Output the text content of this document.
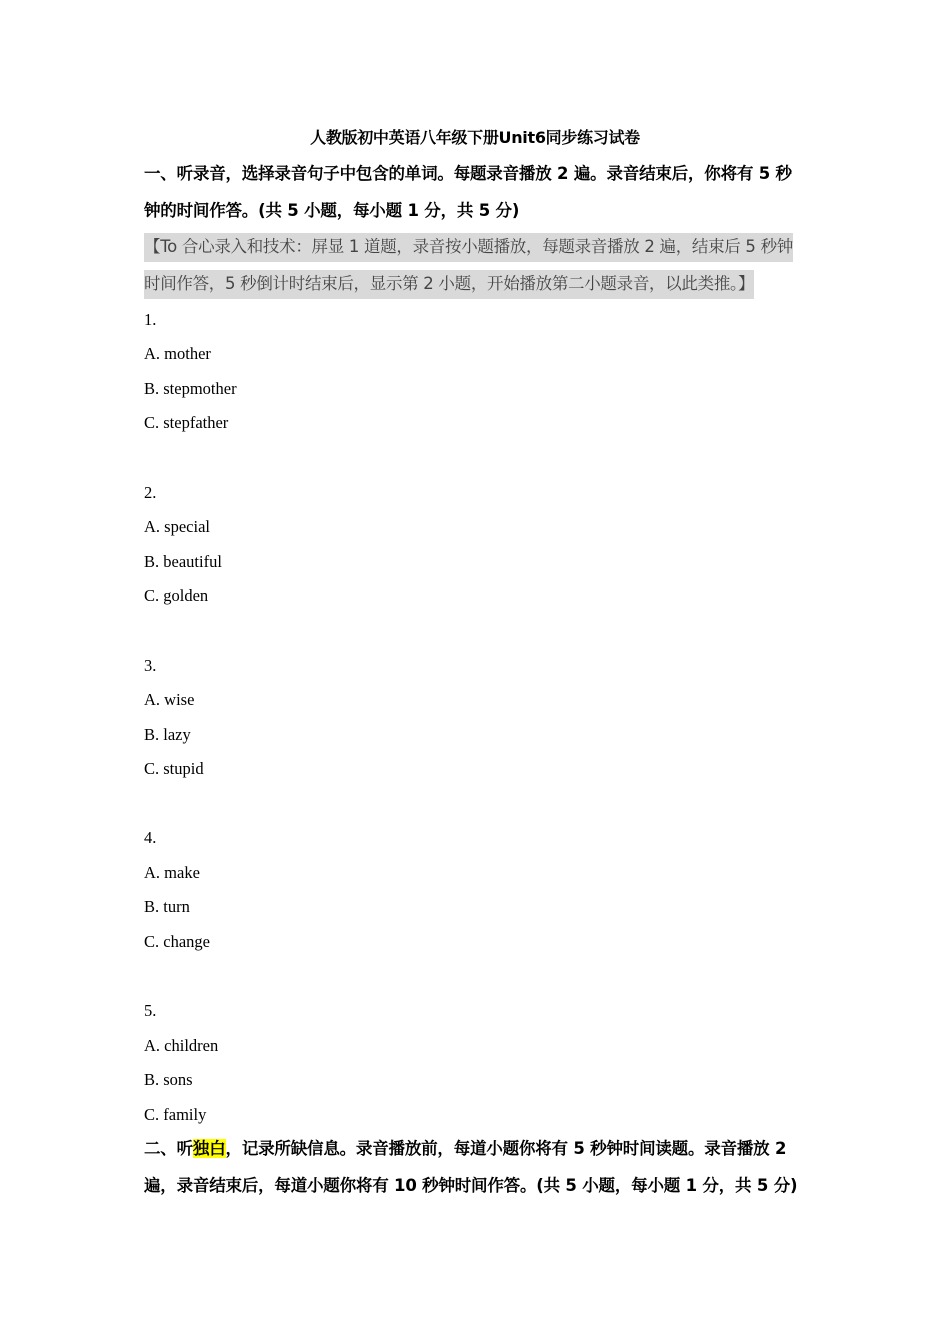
人教版初中英语八年级下册Unit6同步练习试卷
一、听录音，选择录音句子中包含的单词。每题录音播放 2 遍。录音结束后，你将有 5 秒钟的时间作答。(共 5 小题，每小题 1 分，共 5 分)
【To 合心录入和技术：屏显 1 道题，录音按小题播放，每题录音播放 2 遍，结束后 5 秒钟时间作答，5 秒倒计时结束后，显示第 2 小题，开始播放第二小题录音，以此类推。】
1.
A. mother
B. stepmother
C. stepfather
2.
A. special
B. beautiful
C. golden
3.
A. wise
B. lazy
C. stupid
4.
A. make
B. turn
C. change
5.
A. children
B. sons
C. family
二、听独白，记录所缺信息。录音播放前，每道小题你将有 5 秒钟时间读题。录音播放 2 遍，录音结束后，每道小题你将有 10 秒钟时间作答。(共 5 小题，每小题 1 分，共 5 分)
